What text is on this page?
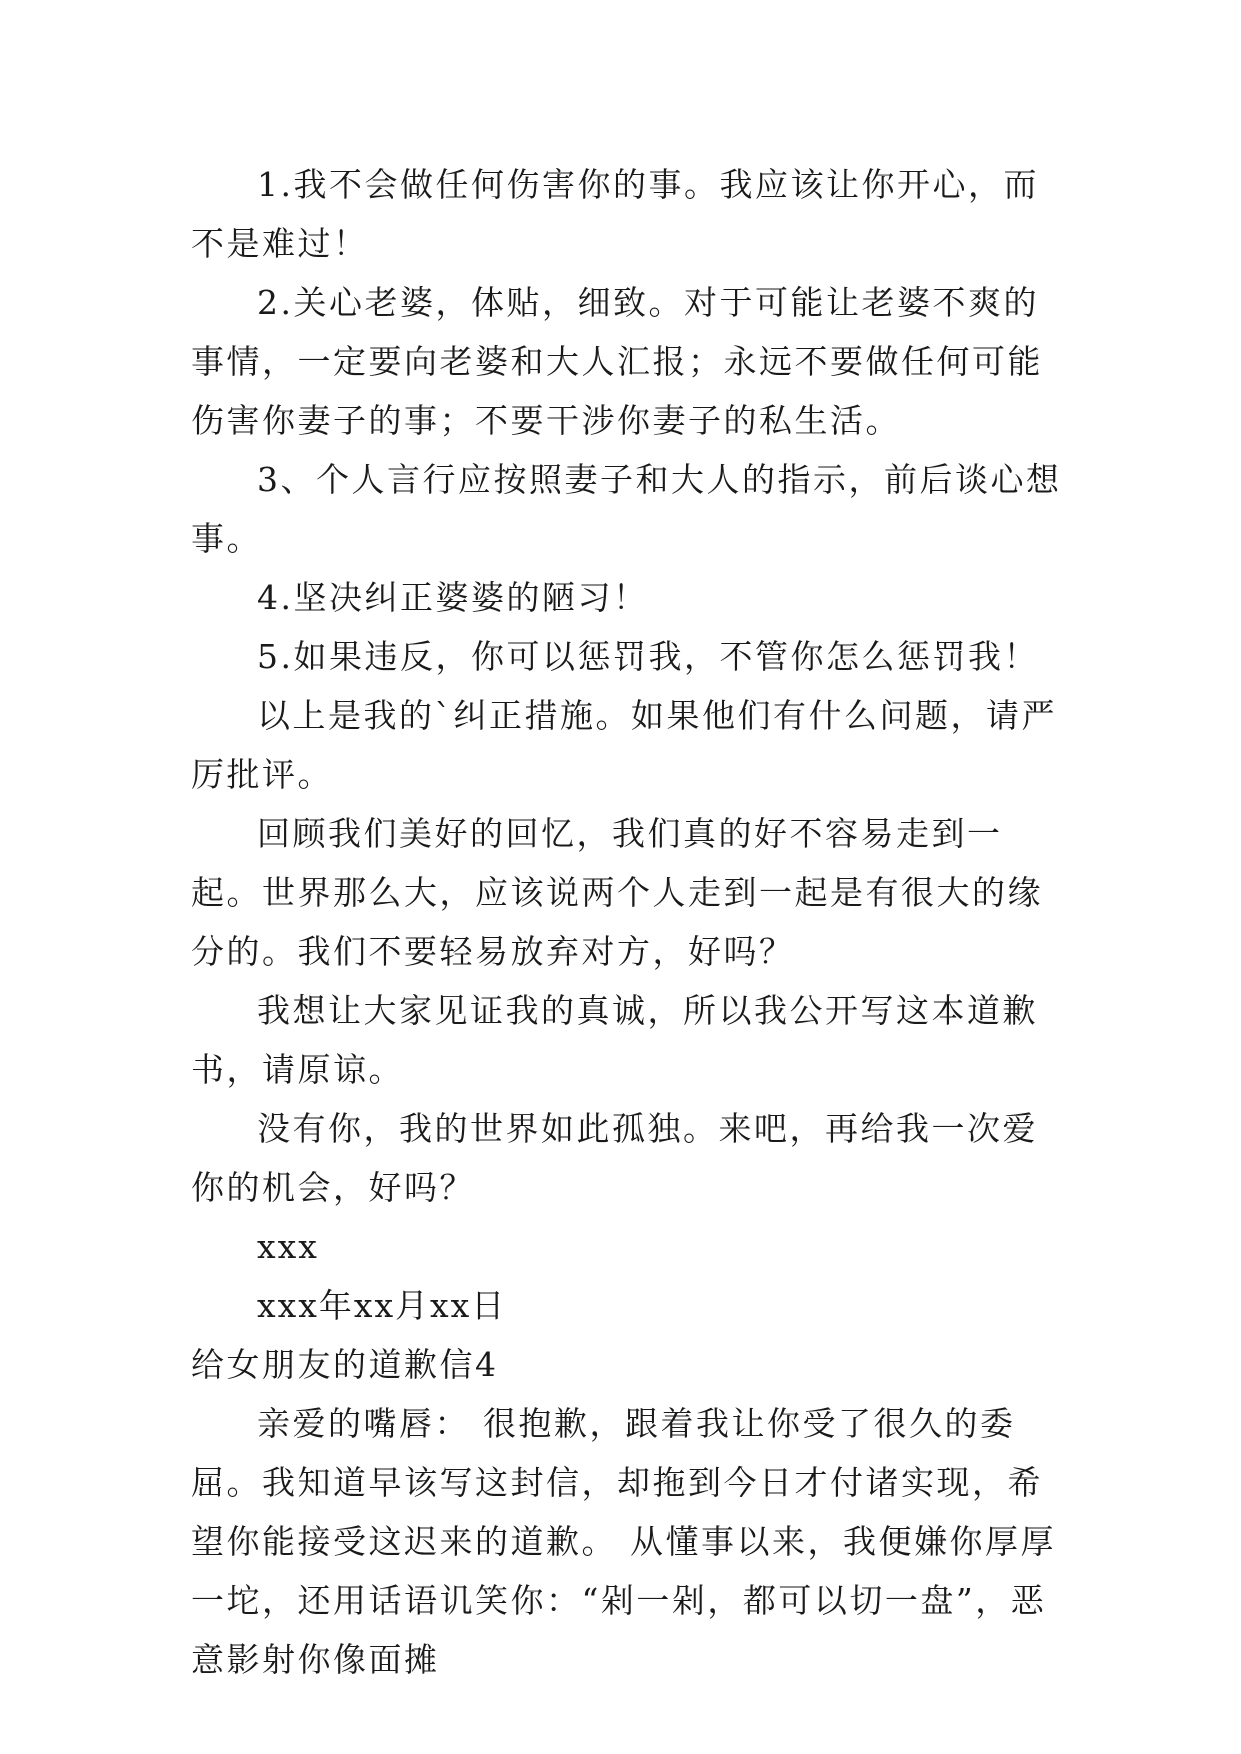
1.我不会做任何伤害你的事。我应该让你开心，而不是难过！

2.关心老婆，体贴，细致。对于可能让老婆不爽的事情，一定要向老婆和大人汇报；永远不要做任何可能伤害你妻子的事；不要干涉你妻子的私生活。

3、个人言行应按照妻子和大人的指示，前后谈心想事。

4.坚决纠正婆婆的陋习！

5.如果违反，你可以惩罚我，不管你怎么惩罚我！

以上是我的`纠正措施。如果他们有什么问题，请严厉批评。

回顾我们美好的回忆，我们真的好不容易走到一起。世界那么大，应该说两个人走到一起是有很大的缘分的。我们不要轻易放弃对方，好吗？

我想让大家见证我的真诚，所以我公开写这本道歉书，请原谅。

没有你，我的世界如此孤独。来吧，再给我一次爱你的机会，好吗？

xxx

xxx年xx月xx日

给女朋友的道歉信4

亲爱的嘴唇： 很抱歉，跟着我让你受了很久的委屈。我知道早该写这封信，却拖到今日才付诸实现，希望你能接受这迟来的道歉。 从懂事以来，我便嫌你厚厚一坨，还用话语讥笑你：“剁一剁，都可以切一盘”，恶意影射你像面摊
